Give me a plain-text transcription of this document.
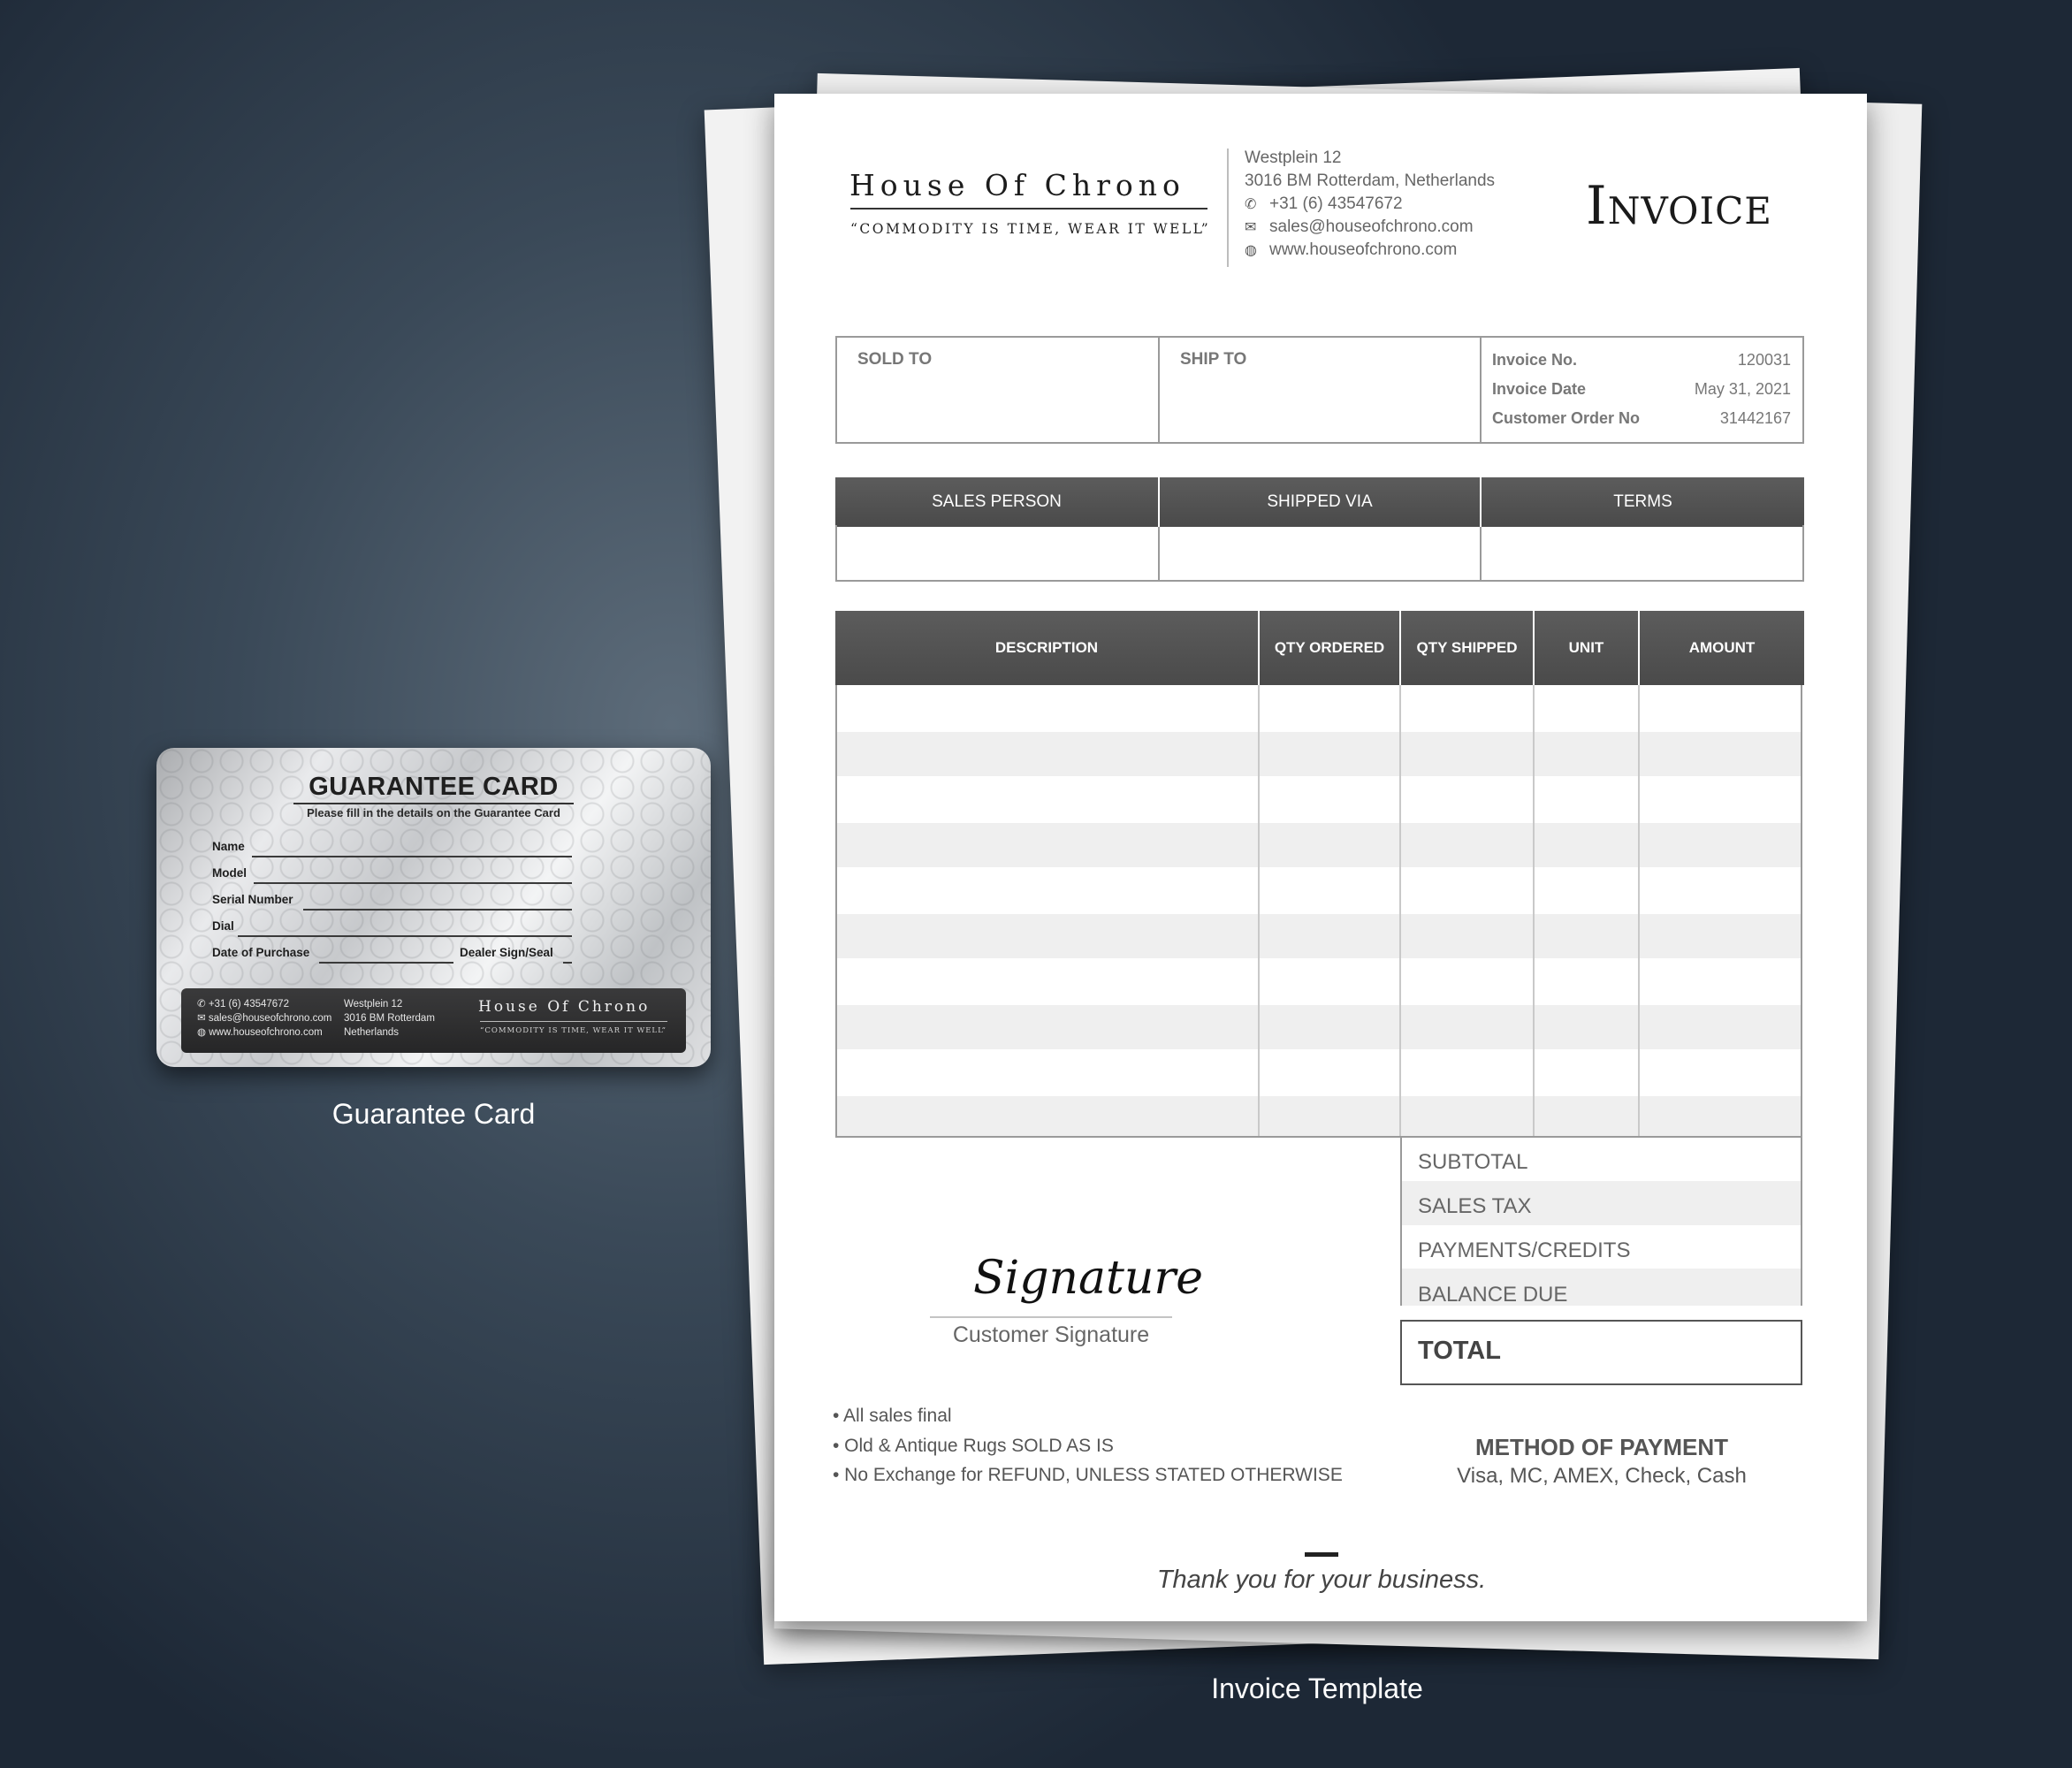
GUARANTEE CARD
Please fill in the details on the Guarantee Card
Name
Model
Serial Number
Dial
Date of Purchase	Dealer Sign/Seal
✆ +31 (6) 43547672
✉ sales@houseofchrono.com
◍ www.houseofchrono.com
Westplein 12
3016 BM Rotterdam
Netherlands
House Of Chrono
“COMMODITY IS TIME, WEAR IT WELL”
Guarantee Card
House Of Chrono
“COMMODITY IS TIME, WEAR IT WELL”
Westplein 12
3016 BM Rotterdam, Netherlands
✆ +31 (6) 43547672
✉ sales@houseofchrono.com
◍ www.houseofchrono.com
Invoice
SOLD TO	SHIP TO	Invoice No.	120031
Invoice Date	May 31, 2021
Customer Order No	31442167
SALES PERSON	SHIPPED VIA	TERMS
DESCRIPTION	QTY ORDERED	QTY SHIPPED	UNIT	AMOUNT
SUBTOTAL
SALES TAX
PAYMENTS/CREDITS
BALANCE DUE
TOTAL
Signature
Customer Signature
• All sales final
• Old & Antique Rugs SOLD AS IS
• No Exchange for REFUND, UNLESS STATED OTHERWISE
METHOD OF PAYMENT
Visa, MC, AMEX, Check, Cash
Thank you for your business.
Invoice Template
